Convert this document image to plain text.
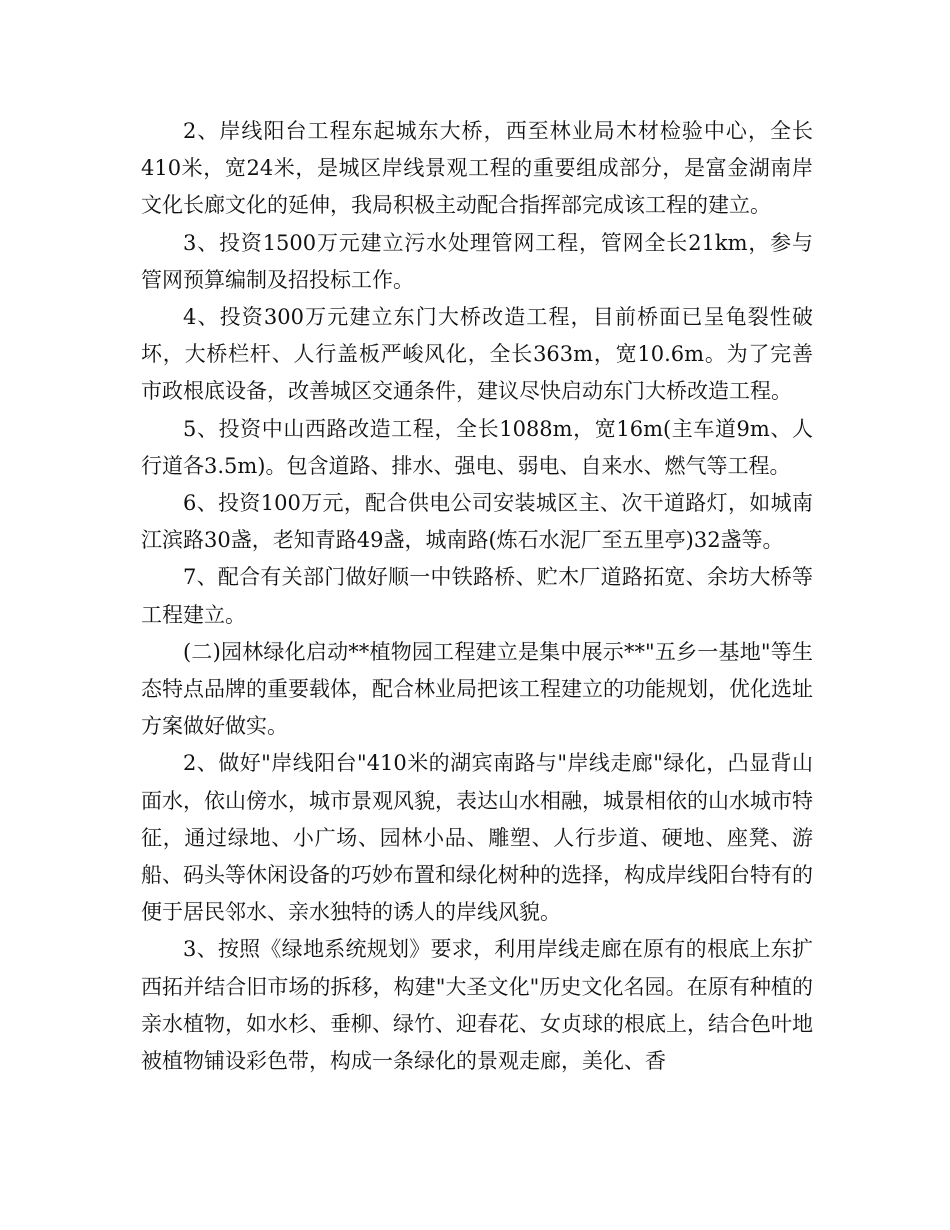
2、岸线阳台工程东起城东大桥，西至林业局木材检验中心，全长410米，宽24米，是城区岸线景观工程的重要组成部分，是富金湖南岸文化长廊文化的延伸，我局积极主动配合指挥部完成该工程的建立。

3、投资1500万元建立污水处理管网工程，管网全长21km，参与管网预算编制及招投标工作。

4、投资300万元建立东门大桥改造工程，目前桥面已呈龟裂性破坏，大桥栏杆、人行盖板严峻风化，全长363m，宽10.6m。为了完善市政根底设备，改善城区交通条件，建议尽快启动东门大桥改造工程。

5、投资中山西路改造工程，全长1088m，宽16m(主车道9m、人行道各3.5m)。包含道路、排水、强电、弱电、自来水、燃气等工程。

6、投资100万元，配合供电公司安装城区主、次干道路灯，如城南江滨路30盏，老知青路49盏，城南路(炼石水泥厂至五里亭)32盏等。

7、配合有关部门做好顺一中铁路桥、贮木厂道路拓宽、余坊大桥等工程建立。

(二)园林绿化启动**植物园工程建立是集中展示**"五乡一基地"等生态特点品牌的重要载体，配合林业局把该工程建立的功能规划，优化选址方案做好做实。

2、做好"岸线阳台"410米的湖宾南路与"岸线走廊"绿化，凸显背山面水，依山傍水，城市景观风貌，表达山水相融，城景相依的山水城市特征，通过绿地、小广场、园林小品、雕塑、人行步道、硬地、座凳、游船、码头等休闲设备的巧妙布置和绿化树种的选择，构成岸线阳台特有的便于居民邻水、亲水独特的诱人的岸线风貌。

3、按照《绿地系统规划》要求，利用岸线走廊在原有的根底上东扩西拓并结合旧市场的拆移，构建"大圣文化"历史文化名园。在原有种植的亲水植物，如水杉、垂柳、绿竹、迎春花、女贞球的根底上，结合色叶地被植物铺设彩色带，构成一条绿化的景观走廊，美化、香
